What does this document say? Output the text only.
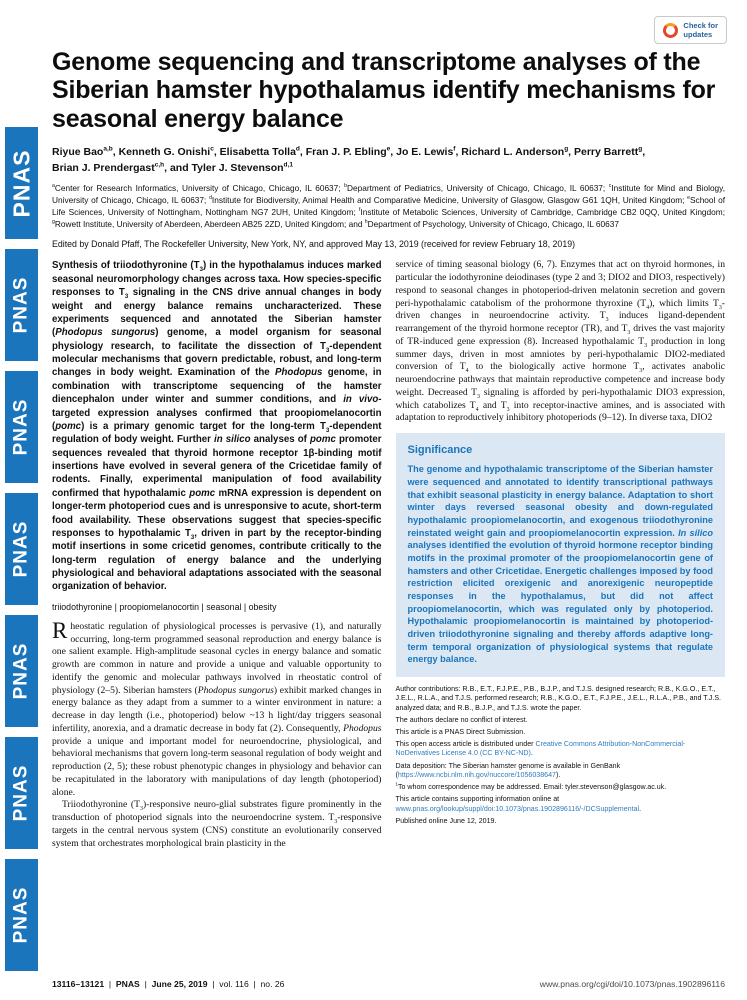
PNAS
PNAS
PNAS
PNAS
PNAS
PNAS
PNAS
Check for
updates
Genome sequencing and transcriptome analyses of the Siberian hamster hypothalamus identify mechanisms for seasonal energy balance
Riyue Bao$^{a,b}$, Kenneth G. Onishi$^c$, Elisabetta Tolla$^d$, Fran J. P. Ebling$^e$, Jo E. Lewis$^f$, Richard L. Anderson$^g$, Perry Barrett$^g$,
Brian J. Prendergast$^{c,h}$, and Tyler J. Stevenson$^{d,1}$
$^a$Center for Research Informatics, University of Chicago, Chicago, IL 60637; $^b$Department of Pediatrics, University of Chicago, Chicago, IL 60637; $^c$Institute for Mind and Biology, University of Chicago, Chicago, IL 60637; $^d$Institute for Biodiversity, Animal Health and Comparative Medicine, University of Glasgow, Glasgow G61 1QH, United Kingdom; $^e$School of Life Sciences, University of Nottingham, Nottingham NG7 2UH, United Kingdom; $^f$Institute of Metabolic Sciences, University of Cambridge, Cambridge CB2 0QQ, United Kingdom; $^g$Rowett Institute, University of Aberdeen, Aberdeen AB25 2ZD, United Kingdom; and $^h$Department of Psychology, University of Chicago, Chicago, IL 60637
Edited by Donald Pfaff, The Rockefeller University, New York, NY, and approved May 13, 2019 (received for review February 18, 2019)

Synthesis of triiodothyronine $(T_3)$ in the hypothalamus induces marked seasonal neuromorphology changes across taxa. How species-specific responses to $T_3$ signaling in the CNS drive annual changes in body weight and energy balance remains uncharacterized. These experiments sequenced and annotated the Siberian hamster (Phodopus sungorus) genome, a model organism for seasonal physiology research, to facilitate the dissection of $T_3$-dependent molecular mechanisms that govern predictable, robust, and long-term changes in body weight. Examination of the Phodopus genome, in combination with transcriptome sequencing of the hamster diencephalon under winter and summer conditions, and in vivo-targeted expression analyses confirmed that proopiomelanocortin (pomc) is a primary genomic target for the long-term $T_3$-dependent regulation of body weight. Further in silico analyses of pomc promoter sequences revealed that thyroid hormone receptor 1β-binding motif insertions have evolved in several genera of the Cricetidae family of rodents. Finally, experimental manipulation of food availability confirmed that hypothalamic pomc mRNA expression is dependent on longer-term photoperiod cues and is unresponsive to acute, short-term food availability. These observations suggest that species-specific responses to hypothalamic $T_3$, driven in part by the receptor-binding motif insertions in some cricetid genomes, contribute critically to the long-term regulation of energy balance and the underlying physiological and behavioral adaptations associated with the seasonal organization of behavior.

triiodothyronine | proopiomelanocortin | seasonal | obesity

Rheostatic regulation of physiological processes is pervasive (1), and naturally occurring, long-term programmed seasonal reproduction and energy balance is one salient example. High-amplitude seasonal cycles in energy balance and somatic growth are common in nature and provide a unique and valuable opportunity to identify the genomic and molecular pathways involved in rheostatic control of physiology (2–5). Siberian hamsters (Phodopus sungorus) exhibit marked changes in energy balance as they adapt from a summer to a winter environment in nature: a decrease in day length (i.e., photoperiod) below ~13 h light/day triggers seasonal infertility, anorexia, and a dramatic decrease in body fat (2). Consequently, Phodopus provide a unique and important model for neuroendocrine, physiological, and behavioral mechanisms that govern long-term seasonal regulation of body weight and reproduction (2, 5); these robust phenotypic changes in physiology and behavior can be recapitulated in the laboratory with manipulations of day length (photoperiod) alone.

Triiodothyronine $(T_3)$-responsive neuro-glial substrates figure prominently in the transduction of photoperiod signals into the neuroendocrine system. $T_3$-responsive targets in the central nervous system (CNS) constitute an evolutionarily conserved system that orchestrates morphological brain plasticity in the

service of timing seasonal biology (6, 7). Enzymes that act on thyroid hormones, in particular the iodothyronine deiodinases (type 2 and 3; DIO2 and DIO3, respectively) respond to seasonal changes in photoperiod-driven melatonin secretion and govern peri-hypothalamic catabolism of the prohormone thyroxine $(T_4)$, which limits $T_3$-driven changes in neuroendocrine activity. $T_3$ induces ligand-dependent rearrangement of the thyroid hormone receptor (TR), and $T_3$ drives the vast majority of TR-induced gene expression (8). Increased hypothalamic $T_3$ production in long summer days, driven in most amniotes by peri-hypothalamic DIO2-mediated conversion of $T_4$ to the biologically active hormone $T_3$, activates anabolic neuroendocrine pathways that maintain reproductive competence and increase body weight. Decreased $T_3$ signaling is afforded by peri-hypothalamic DIO3 expression, which catabolizes $T_4$ and $T_3$ into receptor-inactive amines, and is associated with adaptation to reproductively inhibitory photoperiods (9–12). In diverse taxa, DIO2

Significance

The genome and hypothalamic transcriptome of the Siberian hamster were sequenced and annotated to identify transcriptional pathways that exhibit seasonal plasticity in energy balance. Adaptation to short winter days reversed seasonal obesity and down-regulated hypothalamic proopiomelanocortin, and exogenous triiodothyronine reinstated weight gain and proopiomelanocortin expression. In silico analyses identified the evolution of thyroid hormone receptor binding motifs in the proximal promoter of the proopiomelanocortin gene of hamsters and other Cricetidae. Energetic challenges imposed by food restriction elicited orexigenic and anorexigenic neuropeptide responses in the hypothalamus, but did not affect proopiomelanocortin, which was regulated only by photoperiod. Hypothalamic proopiomelanocortin is maintained by photoperiod-driven triiodothyronine signaling and thereby affords adaptive long-term temporal organization of physiological systems that regulate energy balance.

Author contributions: R.B., E.T., F.J.P.E., P.B., B.J.P., and T.J.S. designed research; R.B., K.G.O., E.T., J.E.L., R.L.A., and T.J.S. performed research; R.B., K.G.O., E.T., F.J.P.E., J.E.L., R.L.A., P.B., and T.J.S. analyzed data; and R.B., B.J.P., and T.J.S. wrote the paper.

The authors declare no conflict of interest.

This article is a PNAS Direct Submission.

This open access article is distributed under Creative Commons Attribution-NonCommercial-NoDerivatives License 4.0 (CC BY-NC-ND).

Data deposition: The Siberian hamster genome is available in GenBank (https://www.ncbi.nlm.nih.gov/nuccore/1056038647).

$^1$To whom correspondence may be addressed. Email: tyler.stevenson@glasgow.ac.uk.

This article contains supporting information online at www.pnas.org/lookup/suppl/doi:10.1073/pnas.1902896116/-/DCSupplemental.

Published online June 12, 2019.

13116–13121  |  PNAS  |  June 25, 2019  |  vol. 116  |  no. 26	www.pnas.org/cgi/doi/10.1073/pnas.1902896116
